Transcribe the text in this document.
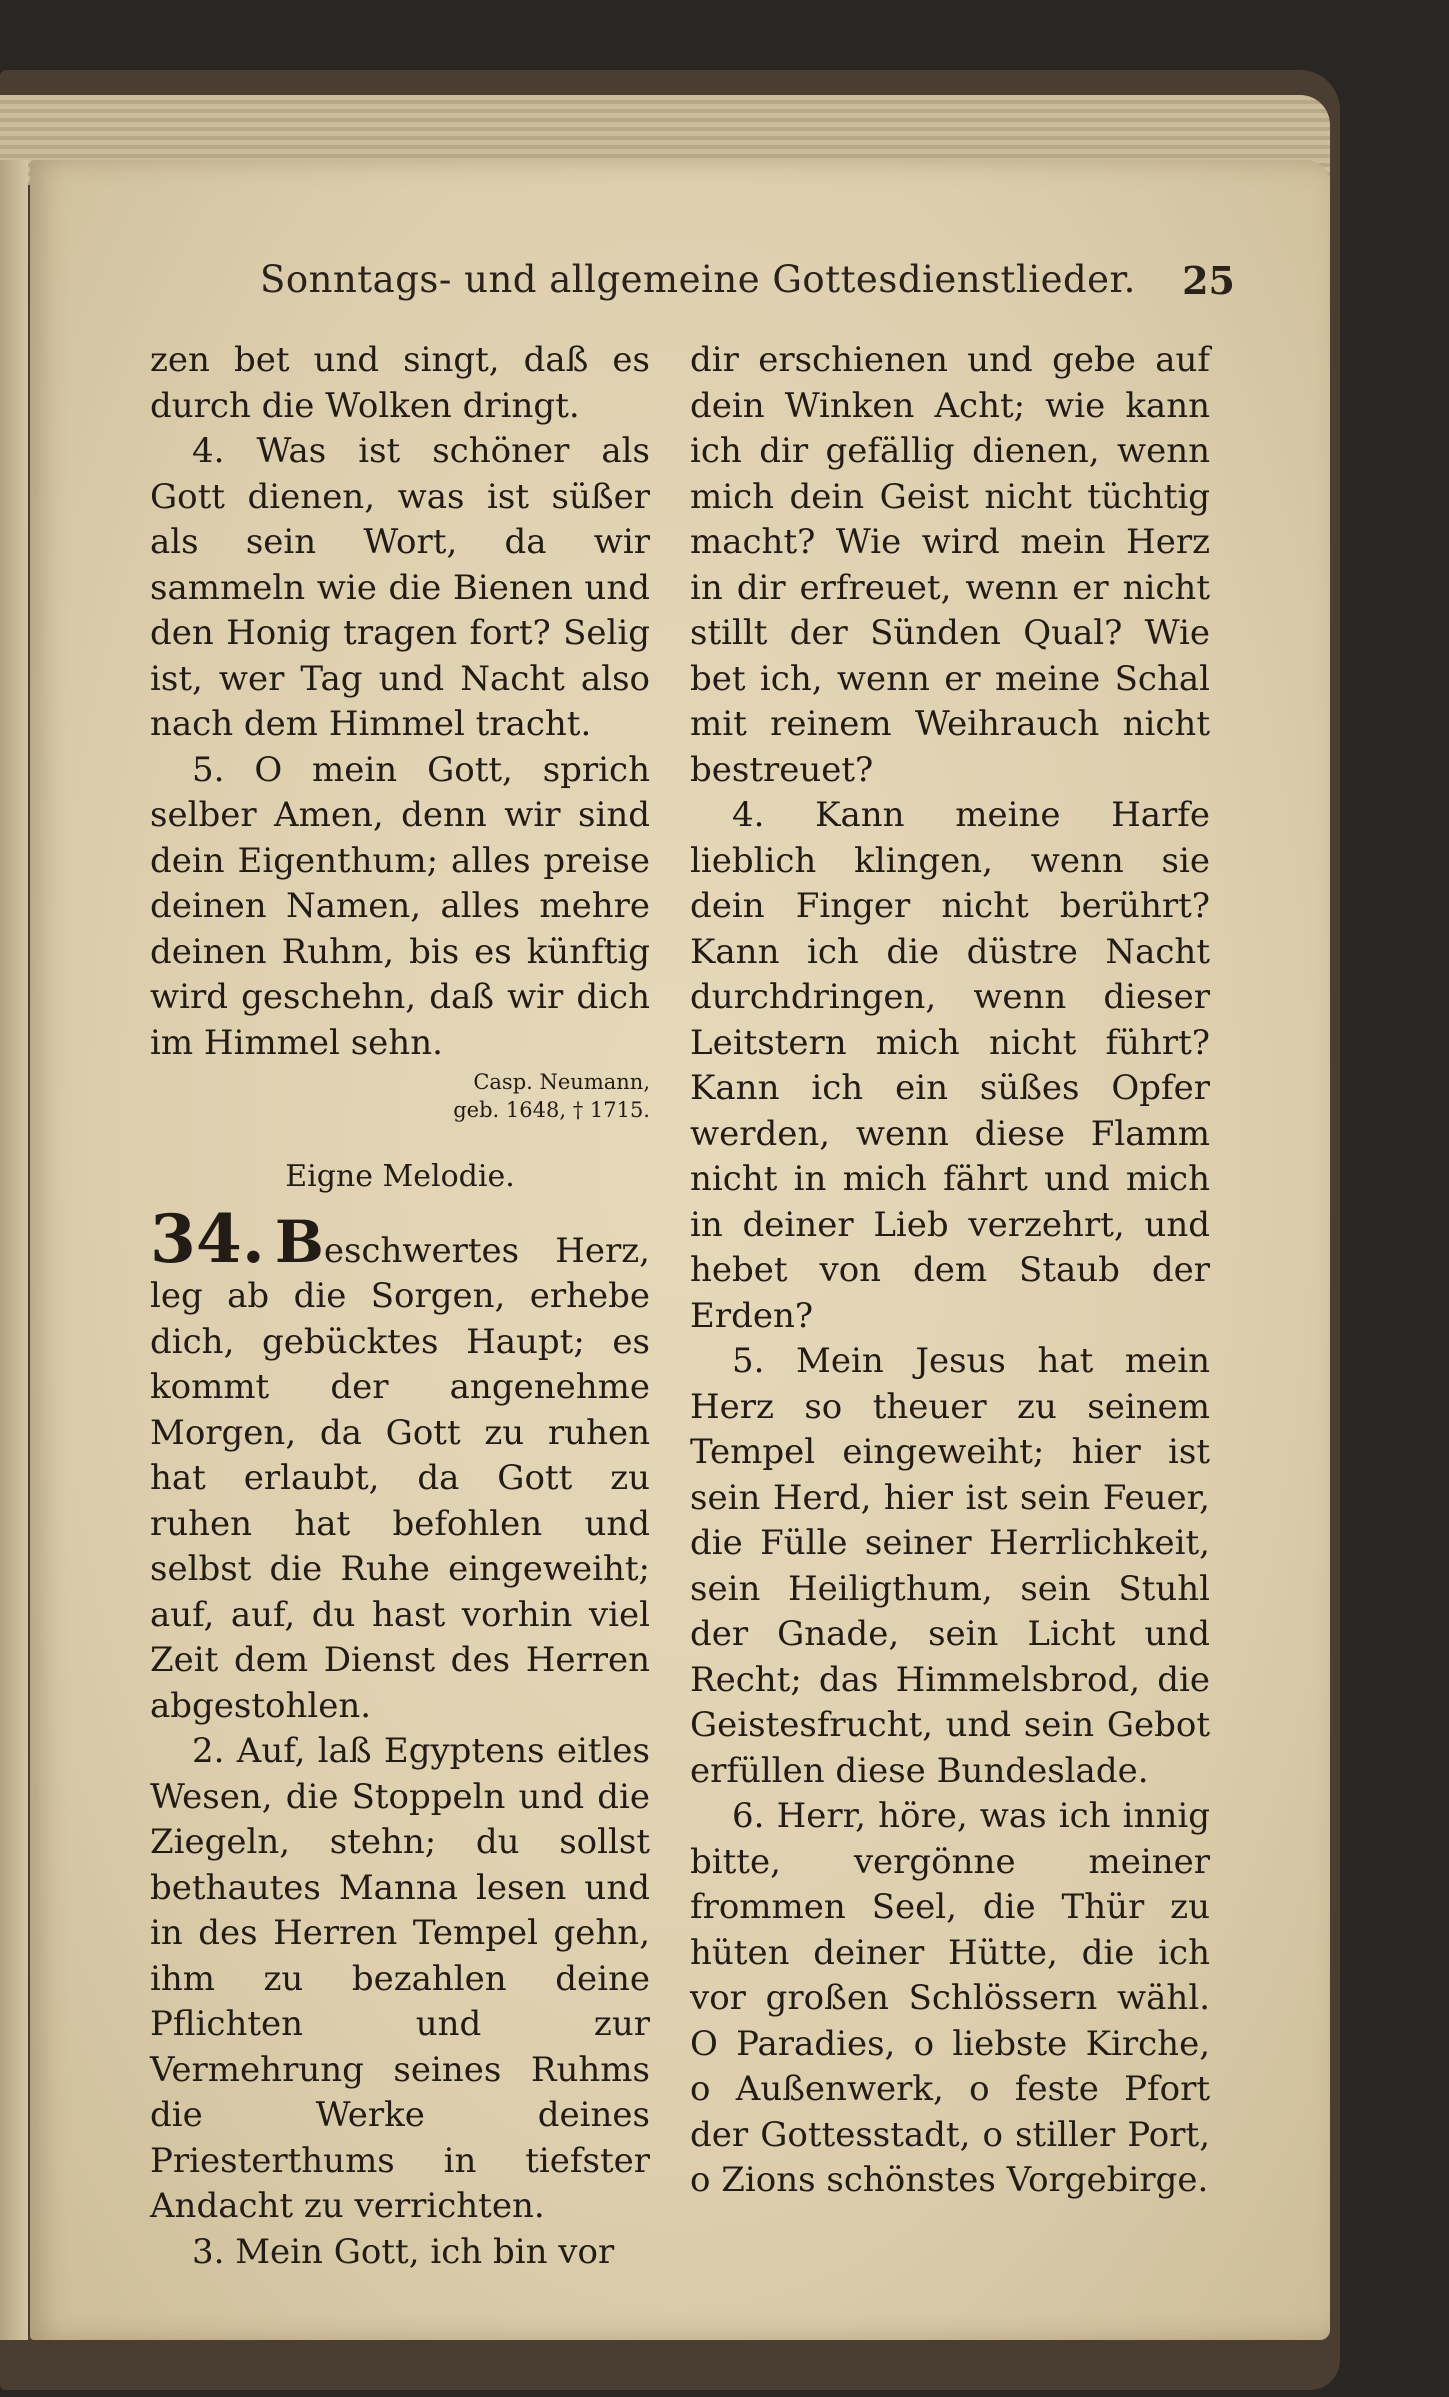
Sonntags- und allgemeine Gottesdienstlieder.	25

zen bet und singt, daß es durch die Wolken dringt.

4. Was ist schöner als Gott dienen, was ist süßer als sein Wort, da wir sammeln wie die Bienen und den Honig tragen fort? Selig ist, wer Tag und Nacht also nach dem Himmel tracht.

5. O mein Gott, sprich selber Amen, denn wir sind dein Eigenthum; alles preise deinen Namen, alles mehre deinen Ruhm, bis es künftig wird geschehn, daß wir dich im Himmel sehn.

Casp. Neumann,
geb. 1648, † 1715.
Eigne Melodie.

34. Beschwertes Herz, leg ab die Sorgen, erhebe dich, gebücktes Haupt; es kommt der angenehme Morgen, da Gott zu ruhen hat erlaubt, da Gott zu ruhen hat befohlen und selbst die Ruhe eingeweiht; auf, auf, du hast vorhin viel Zeit dem Dienst des Herren abgestohlen.

2. Auf, laß Egyptens eitles Wesen, die Stoppeln und die Ziegeln, stehn; du sollst bethautes Manna lesen und in des Herren Tempel gehn, ihm zu bezahlen deine Pflichten und zur Vermehrung seines Ruhms die Werke deines Priesterthums in tiefster Andacht zu verrichten.

3. Mein Gott, ich bin vor

dir erschienen und gebe auf dein Winken Acht; wie kann ich dir gefällig dienen, wenn mich dein Geist nicht tüchtig macht? Wie wird mein Herz in dir erfreuet, wenn er nicht stillt der Sünden Qual? Wie bet ich, wenn er meine Schal mit reinem Weihrauch nicht bestreuet?

4. Kann meine Harfe lieblich klingen, wenn sie dein Finger nicht berührt? Kann ich die düstre Nacht durchdringen, wenn dieser Leitstern mich nicht führt? Kann ich ein süßes Opfer werden, wenn diese Flamm nicht in mich fährt und mich in deiner Lieb verzehrt, und hebet von dem Staub der Erden?

5. Mein Jesus hat mein Herz so theuer zu seinem Tempel eingeweiht; hier ist sein Herd, hier ist sein Feuer, die Fülle seiner Herrlichkeit, sein Heiligthum, sein Stuhl der Gnade, sein Licht und Recht; das Himmelsbrod, die Geistesfrucht, und sein Gebot erfüllen diese Bundeslade.

6. Herr, höre, was ich innig bitte, vergönne meiner frommen Seel, die Thür zu hüten deiner Hütte, die ich vor großen Schlössern wähl. O Paradies, o liebste Kirche, o Außenwerk, o feste Pfort der Gottesstadt, o stiller Port, o Zions schönstes Vorgebirge.
